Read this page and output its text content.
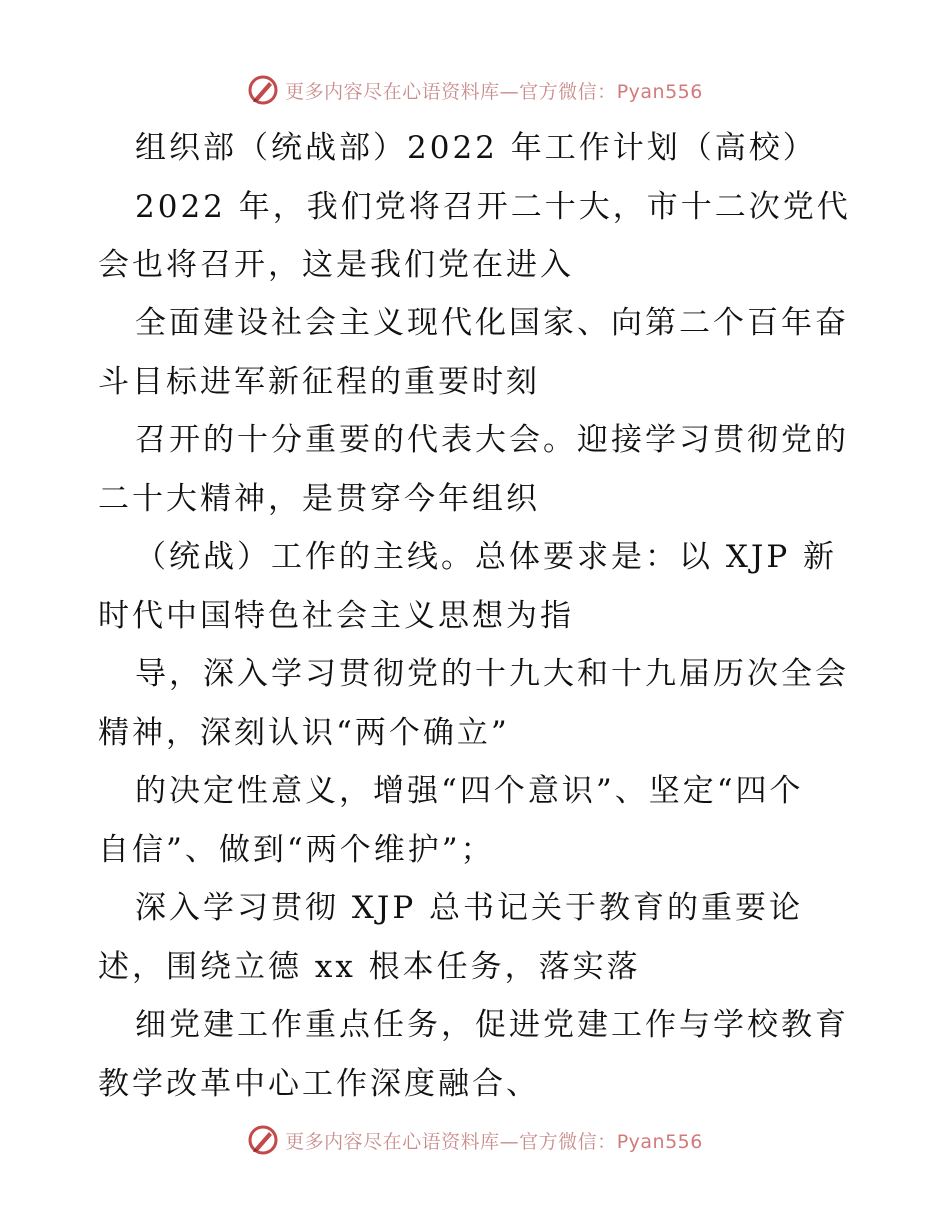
更多内容尽在心语资料库—官方微信：Pyan556
组织部（统战部）2022 年工作计划（高校）
2022 年，我们党将召开二十大，市十二次党代
会也将召开，这是我们党在进入
全面建设社会主义现代化国家、向第二个百年奋
斗目标进军新征程的重要时刻
召开的十分重要的代表大会。迎接学习贯彻党的
二十大精神，是贯穿今年组织
（统战）工作的主线。总体要求是：以 XJP 新
时代中国特色社会主义思想为指
导，深入学习贯彻党的十九大和十九届历次全会
精神，深刻认识“两个确立”
的决定性意义，增强“四个意识”、坚定“四个
自信”、做到“两个维护”；
深入学习贯彻 XJP 总书记关于教育的重要论
述，围绕立德 xx 根本任务，落实落
细党建工作重点任务，促进党建工作与学校教育
教学改革中心工作深度融合、
更多内容尽在心语资料库—官方微信：Pyan556
